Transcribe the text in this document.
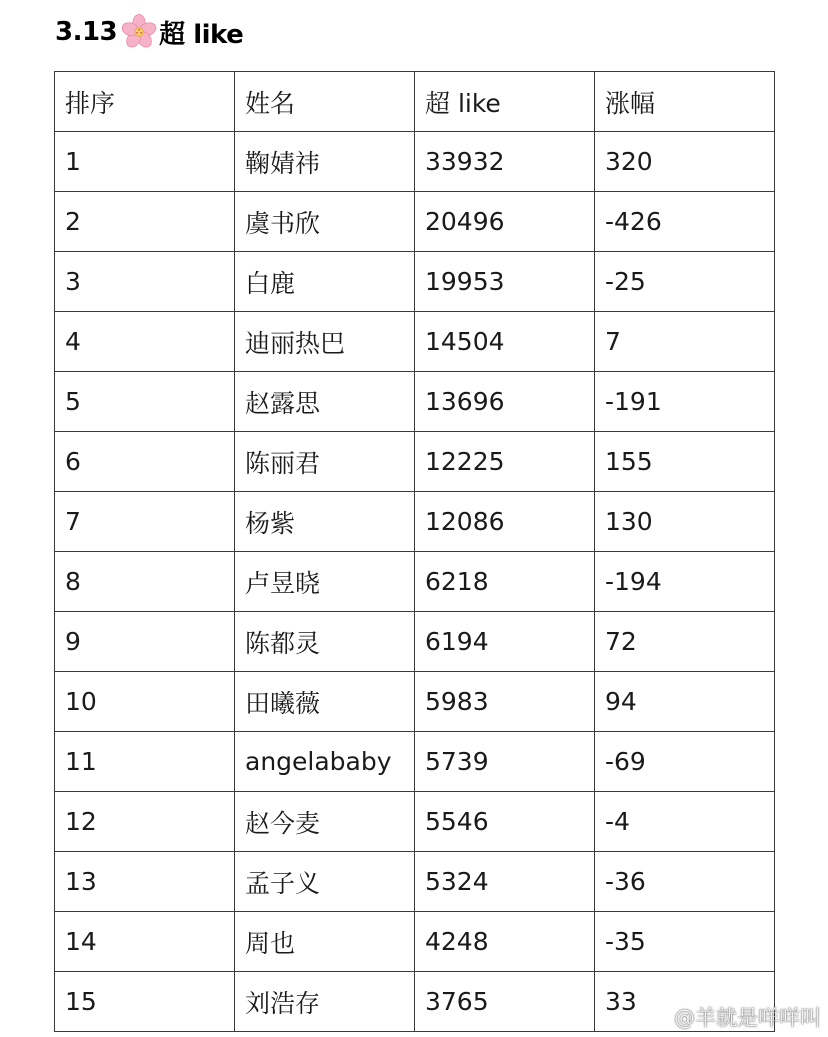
3.13 超 like
排序	姓名	超 like	涨幅
1	鞠婧祎	33932	320
2	虞书欣	20496	-426
3	白鹿	19953	-25
4	迪丽热巴	14504	7
5	赵露思	13696	-191
6	陈丽君	12225	155
7	杨紫	12086	130
8	卢昱晓	6218	-194
9	陈都灵	6194	72
10	田曦薇	5983	94
11	angelababy	5739	-69
12	赵今麦	5546	-4
13	孟子义	5324	-36
14	周也	4248	-35
15	刘浩存	3765	33
@羊就是咩咩叫
